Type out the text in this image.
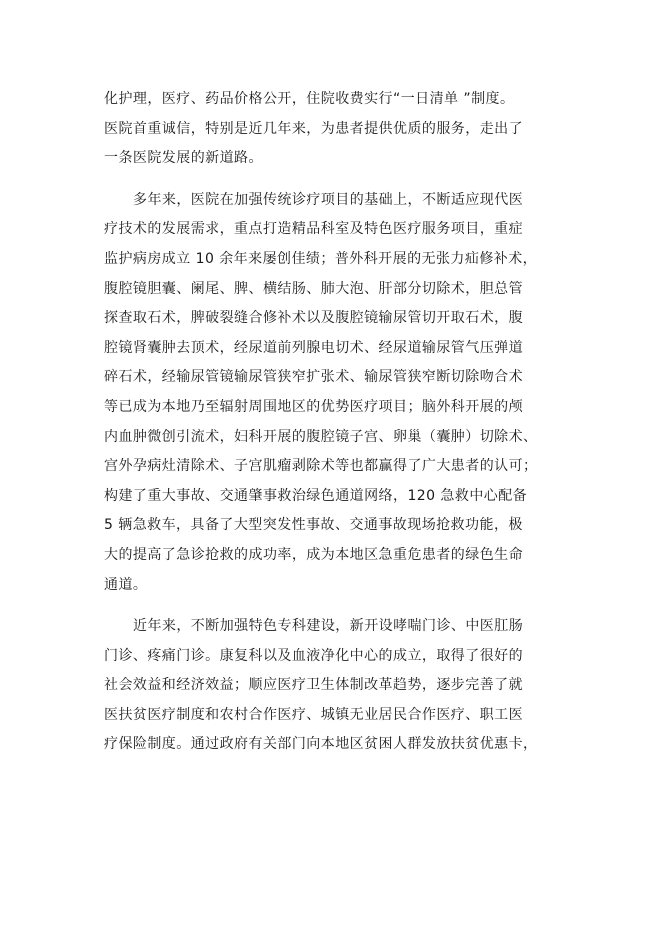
化护理，医疗、药品价格公开，住院收费实行“一日清单 ”制度。
医院首重诚信，特别是近几年来，为患者提供优质的服务，走出了
一条医院发展的新道路。
多年来，医院在加强传统诊疗项目的基础上，不断适应现代医
疗技术的发展需求，重点打造精品科室及特色医疗服务项目，重症
监护病房成立 10 余年来屡创佳绩；普外科开展的无张力疝修补术，
腹腔镜胆囊、阑尾、脾、横结肠、肺大泡、肝部分切除术，胆总管
探查取石术，脾破裂缝合修补术以及腹腔镜输尿管切开取石术，腹
腔镜肾囊肿去顶术，经尿道前列腺电切术、经尿道输尿管气压弹道
碎石术，经输尿管镜输尿管狭窄扩张术、输尿管狭窄断切除吻合术
等已成为本地乃至辐射周围地区的优势医疗项目；脑外科开展的颅
内血肿微创引流术，妇科开展的腹腔镜子宫、卵巢（囊肿）切除术、
宫外孕病灶清除术、子宫肌瘤剥除术等也都赢得了广大患者的认可；
构建了重大事故、交通肇事救治绿色通道网络，120 急救中心配备
5 辆急救车，具备了大型突发性事故、交通事故现场抢救功能，极
大的提高了急诊抢救的成功率，成为本地区急重危患者的绿色生命
通道。
近年来，不断加强特色专科建设，新开设哮喘门诊、中医肛肠
门诊、疼痛门诊。康复科以及血液净化中心的成立，取得了很好的
社会效益和经济效益；顺应医疗卫生体制改革趋势，逐步完善了就
医扶贫医疗制度和农村合作医疗、城镇无业居民合作医疗、职工医
疗保险制度。通过政府有关部门向本地区贫困人群发放扶贫优惠卡，
